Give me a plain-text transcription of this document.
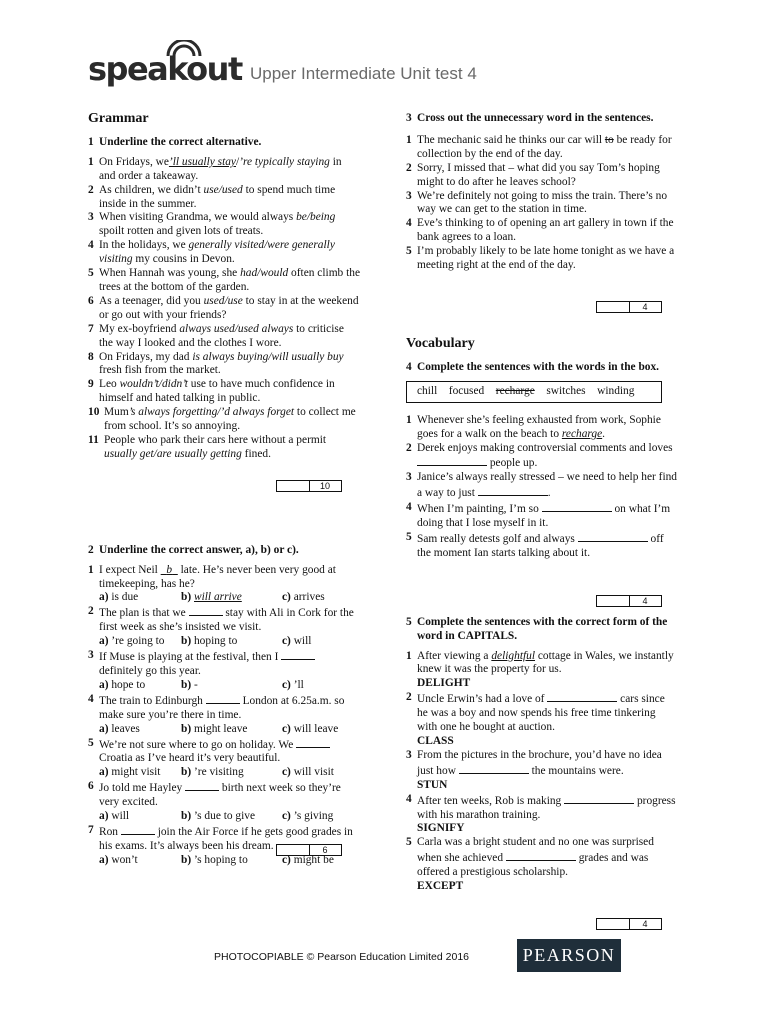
speakout Upper Intermediate Unit test 4
Grammar
1 Underline the correct alternative.
1 On Fridays, we’ll usually stay/’re typically staying in and order a takeaway.
2 As children, we didn’t use/used to spend much time inside in the summer.
3 When visiting Grandma, we would always be/being spoilt rotten and given lots of treats.
4 In the holidays, we generally visited/were generally visiting my cousins in Devon.
5 When Hannah was young, she had/would often climb the trees at the bottom of the garden.
6 As a teenager, did you used/use to stay in at the weekend or go out with your friends?
7 My ex-boyfriend always used/used always to criticise the way I looked and the clothes I wore.
8 On Fridays, my dad is always buying/will usually buy fresh fish from the market.
9 Leo wouldn’t/didn’t use to have much confidence in himself and hated talking in public.
10 Mum’s always forgetting/’d always forget to collect me from school. It’s so annoying.
11 People who park their cars here without a permit usually get/are usually getting fined.
2 Underline the correct answer, a), b) or c).
1 I expect Neil   b   late. He’s never been very good at timekeeping, has he?
a) is due	b) will arrive	c) arrives
2 The plan is that we	stay with Ali in Cork for the first week as she’s insisted we visit.
a) ’re going to	b) hoping to	c) will
3 If Muse is playing at the festival, then I  definitely go this year.
a) hope to	b) -	c) ’ll
4 The train to Edinburgh	London at 6.25a.m. so make sure you’re there in time.
a) leaves	b) might leave	c) will leave
5 We’re not sure where to go on holiday. We  Croatia as I’ve heard it’s very beautiful.
a) might visit	b) ’re visiting	c) will visit
6 Jo told me Hayley	birth next week so they’re very excited.
a) will	b) ’s due to give	c) ’s giving
7 Ron	join the Air Force if he gets good grades in his exams. It’s always been his dream.
a) won’t	b) ’s hoping to	c) might be
10
6
3 Cross out the unnecessary word in the sentences.
1 The mechanic said he thinks our car will to be ready for collection by the end of the day.
2 Sorry, I missed that – what did you say Tom’s hoping might to do after he leaves school?
3 We’re definitely not going to miss the train. There’s no way we can get to the station in time.
4 Eve’s thinking to of opening an art gallery in town if the bank agrees to a loan.
5 I’m probably likely to be late home tonight as we have a meeting right at the end of the day.
Vocabulary
4 Complete the sentences with the words in the box.
chill focused recharge switches winding
1 Whenever she’s feeling exhausted from work, Sophie goes for a walk on the beach to recharge.
2 Derek enjoys making controversial comments and loves  people up.
3 Janice’s always really stressed – we need to help her find a way to just	.
4 When I’m painting, I’m so	on what I’m doing that I lose myself in it.
5 Sam really detests golf and always	off the moment Ian starts talking about it.
5 Complete the sentences with the correct form of the word in CAPITALS.
1 After viewing a delightful cottage in Wales, we instantly knew it was the property for us.
DELIGHT
2 Uncle Erwin’s had a love of	cars since he was a boy and now spends his free time tinkering with one he bought at auction.
CLASS
3 From the pictures in the brochure, you’d have no idea just how	the mountains were.
STUN
4 After ten weeks, Rob is making	progress with his marathon training.
SIGNIFY
5 Carla was a bright student and no one was surprised when she achieved	grades and was offered a prestigious scholarship.
EXCEPT
4
4
4
PHOTOCOPIABLE © Pearson Education Limited 2016	PEARSON
